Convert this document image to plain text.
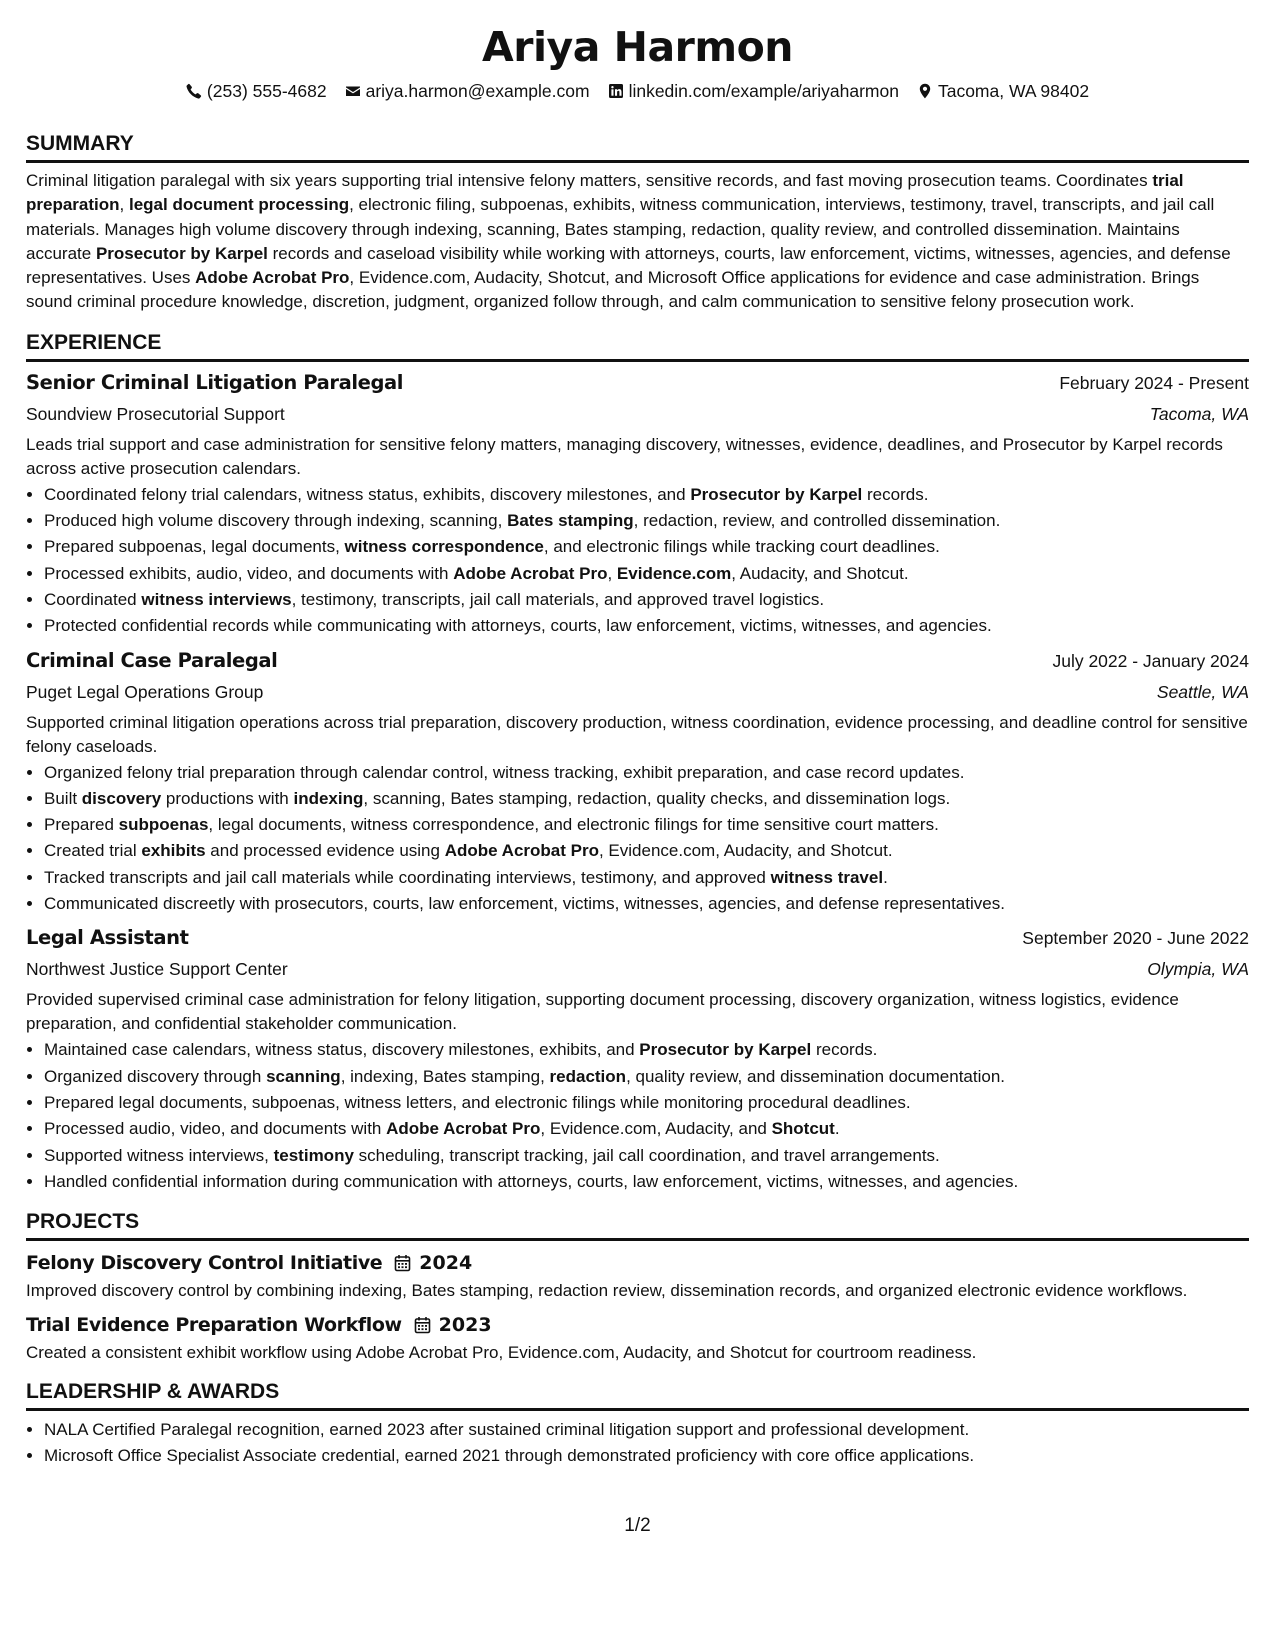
Ariya Harmon
(253) 555-4682 ariya.harmon@example.com linkedin.com/example/ariyaharmon Tacoma, WA 98402
SUMMARY

Criminal litigation paralegal with six years supporting trial intensive felony matters, sensitive records, and fast moving prosecution teams. Coordinates trial preparation, legal document processing, electronic filing, subpoenas, exhibits, witness communication, interviews, testimony, travel, transcripts, and jail call materials. Manages high volume discovery through indexing, scanning, Bates stamping, redaction, quality review, and controlled dissemination. Maintains accurate Prosecutor by Karpel records and caseload visibility while working with attorneys, courts, law enforcement, victims, witnesses, agencies, and defense representatives. Uses Adobe Acrobat Pro, Evidence.com, Audacity, Shotcut, and Microsoft Office applications for evidence and case administration. Brings sound criminal procedure knowledge, discretion, judgment, organized follow through, and calm communication to sensitive felony prosecution work.

EXPERIENCE
Senior Criminal Litigation Paralegal	February 2024 - Present
Soundview Prosecutorial Support	Tacoma, WA

Leads trial support and case administration for sensitive felony matters, managing discovery, witnesses, evidence, deadlines, and Prosecutor by Karpel records across active prosecution calendars.

• Coordinated felony trial calendars, witness status, exhibits, discovery milestones, and Prosecutor by Karpel records.
• Produced high volume discovery through indexing, scanning, Bates stamping, redaction, review, and controlled dissemination.
• Prepared subpoenas, legal documents, witness correspondence, and electronic filings while tracking court deadlines.
• Processed exhibits, audio, video, and documents with Adobe Acrobat Pro, Evidence.com, Audacity, and Shotcut.
• Coordinated witness interviews, testimony, transcripts, jail call materials, and approved travel logistics.
• Protected confidential records while communicating with attorneys, courts, law enforcement, victims, witnesses, and agencies.
Criminal Case Paralegal	July 2022 - January 2024
Puget Legal Operations Group	Seattle, WA

Supported criminal litigation operations across trial preparation, discovery production, witness coordination, evidence processing, and deadline control for sensitive felony caseloads.

• Organized felony trial preparation through calendar control, witness tracking, exhibit preparation, and case record updates.
• Built discovery productions with indexing, scanning, Bates stamping, redaction, quality checks, and dissemination logs.
• Prepared subpoenas, legal documents, witness correspondence, and electronic filings for time sensitive court matters.
• Created trial exhibits and processed evidence using Adobe Acrobat Pro, Evidence.com, Audacity, and Shotcut.
• Tracked transcripts and jail call materials while coordinating interviews, testimony, and approved witness travel.
• Communicated discreetly with prosecutors, courts, law enforcement, victims, witnesses, agencies, and defense representatives.
Legal Assistant	September 2020 - June 2022
Northwest Justice Support Center	Olympia, WA

Provided supervised criminal case administration for felony litigation, supporting document processing, discovery organization, witness logistics, evidence preparation, and confidential stakeholder communication.

• Maintained case calendars, witness status, discovery milestones, exhibits, and Prosecutor by Karpel records.
• Organized discovery through scanning, indexing, Bates stamping, redaction, quality review, and dissemination documentation.
• Prepared legal documents, subpoenas, witness letters, and electronic filings while monitoring procedural deadlines.
• Processed audio, video, and documents with Adobe Acrobat Pro, Evidence.com, Audacity, and Shotcut.
• Supported witness interviews, testimony scheduling, transcript tracking, jail call coordination, and travel arrangements.
• Handled confidential information during communication with attorneys, courts, law enforcement, victims, witnesses, and agencies.
PROJECTS
Felony Discovery Control Initiative 2024

Improved discovery control by combining indexing, Bates stamping, redaction review, dissemination records, and organized electronic evidence workflows.

Trial Evidence Preparation Workflow 2023

Created a consistent exhibit workflow using Adobe Acrobat Pro, Evidence.com, Audacity, and Shotcut for courtroom readiness.

LEADERSHIP & AWARDS
• NALA Certified Paralegal recognition, earned 2023 after sustained criminal litigation support and professional development.
• Microsoft Office Specialist Associate credential, earned 2021 through demonstrated proficiency with core office applications.
1/2
